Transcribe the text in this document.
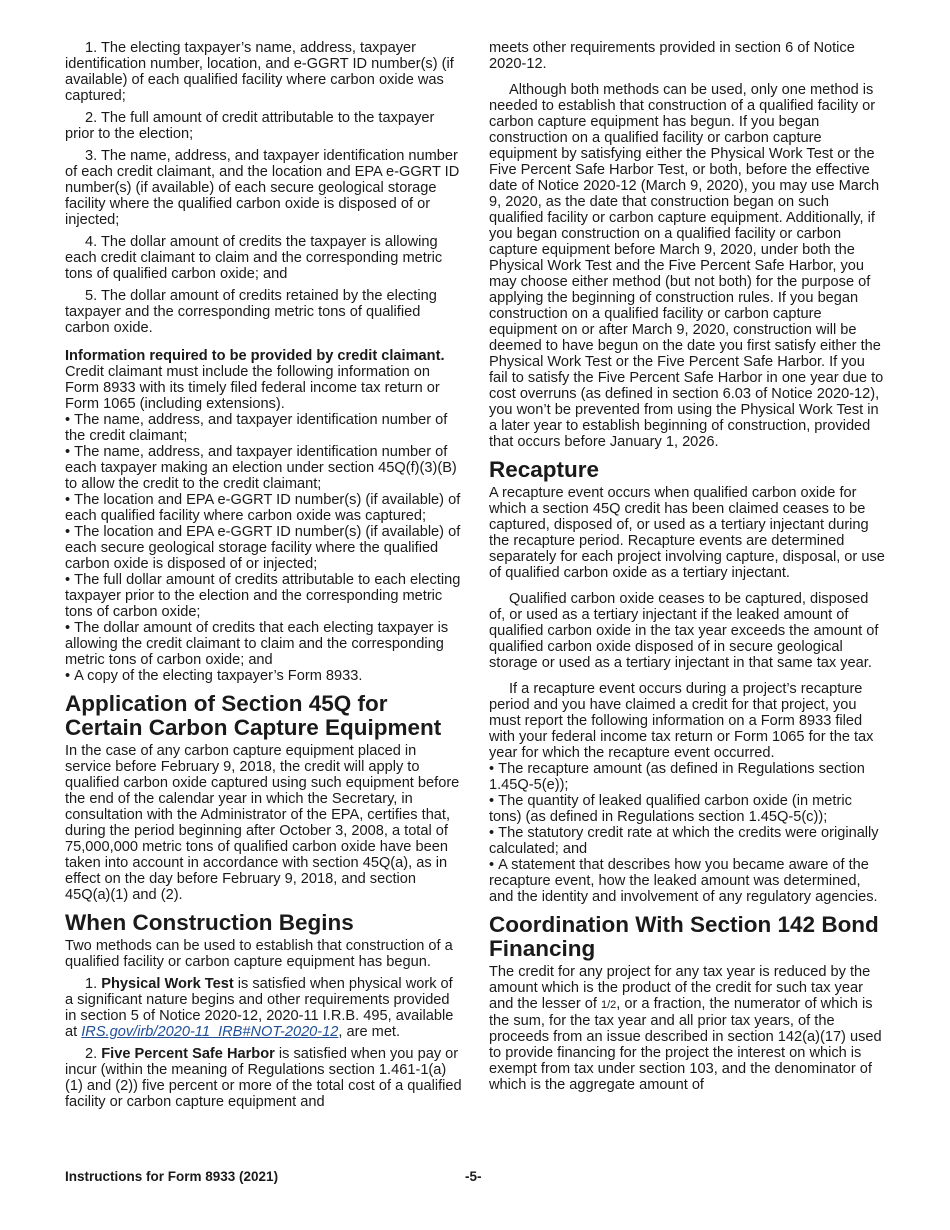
1. The electing taxpayer’s name, address, taxpayer identification number, location, and e-GGRT ID number(s) (if available) of each qualified facility where carbon oxide was captured;

2. The full amount of credit attributable to the taxpayer prior to the election;

3. The name, address, and taxpayer identification number of each credit claimant, and the location and EPA e-GGRT ID number(s) (if available) of each secure geological storage facility where the qualified carbon oxide is disposed of or injected;

4. The dollar amount of credits the taxpayer is allowing each credit claimant to claim and the corresponding metric tons of qualified carbon oxide; and

5. The dollar amount of credits retained by the electing taxpayer and the corresponding metric tons of qualified carbon oxide.

Information required to be provided by credit claimant. Credit claimant must include the following information on Form 8933 with its timely filed federal income tax return or Form 1065 (including extensions).

• The name, address, and taxpayer identification number of the credit claimant;
• The name, address, and taxpayer identification number of each taxpayer making an election under section 45Q(f)(3)(B) to allow the credit to the credit claimant;
• The location and EPA e-GGRT ID number(s) (if available) of each qualified facility where carbon oxide was captured;
• The location and EPA e-GGRT ID number(s) (if available) of each secure geological storage facility where the qualified carbon oxide is disposed of or injected;
• The full dollar amount of credits attributable to each electing taxpayer prior to the election and the corresponding metric tons of carbon oxide;
• The dollar amount of credits that each electing taxpayer is allowing the credit claimant to claim and the corresponding metric tons of carbon oxide; and
• A copy of the electing taxpayer’s Form 8933.
Application of Section 45Q for Certain Carbon Capture Equipment

In the case of any carbon capture equipment placed in service before February 9, 2018, the credit will apply to qualified carbon oxide captured using such equipment before the end of the calendar year in which the Secretary, in consultation with the Administrator of the EPA, certifies that, during the period beginning after October 3, 2008, a total of 75,000,000 metric tons of qualified carbon oxide have been taken into account in accordance with section 45Q(a), as in effect on the day before February 9, 2018, and section 45Q(a)(1) and (2).

When Construction Begins

Two methods can be used to establish that construction of a qualified facility or carbon capture equipment has begun.

1. Physical Work Test is satisfied when physical work of a significant nature begins and other requirements provided in section 5 of Notice 2020-12, 2020-11 I.R.B. 495, available at IRS.gov/irb/2020-11_IRB#NOT-2020-12, are met.

2. Five Percent Safe Harbor is satisfied when you pay or incur (within the meaning of Regulations section 1.461-1(a)(1) and (2)) five percent or more of the total cost of a qualified facility or carbon capture equipment and

meets other requirements provided in section 6 of Notice 2020-12.

Although both methods can be used, only one method is needed to establish that construction of a qualified facility or carbon capture equipment has begun. If you began construction on a qualified facility or carbon capture equipment by satisfying either the Physical Work Test or the Five Percent Safe Harbor Test, or both, before the effective date of Notice 2020-12 (March 9, 2020), you may use March 9, 2020, as the date that construction began on such qualified facility or carbon capture equipment. Additionally, if you began construction on a qualified facility or carbon capture equipment before March 9, 2020, under both the Physical Work Test and the Five Percent Safe Harbor, you may choose either method (but not both) for the purpose of applying the beginning of construction rules. If you began construction on a qualified facility or carbon capture equipment on or after March 9, 2020, construction will be deemed to have begun on the date you first satisfy either the Physical Work Test or the Five Percent Safe Harbor. If you fail to satisfy the Five Percent Safe Harbor in one year due to cost overruns (as defined in section 6.03 of Notice 2020-12), you won’t be prevented from using the Physical Work Test in a later year to establish beginning of construction, provided that occurs before January 1, 2026.

Recapture

A recapture event occurs when qualified carbon oxide for which a section 45Q credit has been claimed ceases to be captured, disposed of, or used as a tertiary injectant during the recapture period. Recapture events are determined separately for each project involving capture, disposal, or use of qualified carbon oxide as a tertiary injectant.

Qualified carbon oxide ceases to be captured, disposed of, or used as a tertiary injectant if the leaked amount of qualified carbon oxide in the tax year exceeds the amount of qualified carbon oxide disposed of in secure geological storage or used as a tertiary injectant in that same tax year.

If a recapture event occurs during a project’s recapture period and you have claimed a credit for that project, you must report the following information on a Form 8933 filed with your federal income tax return or Form 1065 for the tax year for which the recapture event occurred.

• The recapture amount (as defined in Regulations section 1.45Q-5(e));
• The quantity of leaked qualified carbon oxide (in metric tons) (as defined in Regulations section 1.45Q-5(c));
• The statutory credit rate at which the credits were originally calculated; and
• A statement that describes how you became aware of the recapture event, how the leaked amount was determined, and the identity and involvement of any regulatory agencies.
Coordination With Section 142 Bond Financing

The credit for any project for any tax year is reduced by the amount which is the product of the credit for such tax year and the lesser of 1/2, or a fraction, the numerator of which is the sum, for the tax year and all prior tax years, of the proceeds from an issue described in section 142(a)(17) used to provide financing for the project the interest on which is exempt from tax under section 103, and the denominator of which is the aggregate amount of

Instructions for Form 8933 (2021)	-5-
